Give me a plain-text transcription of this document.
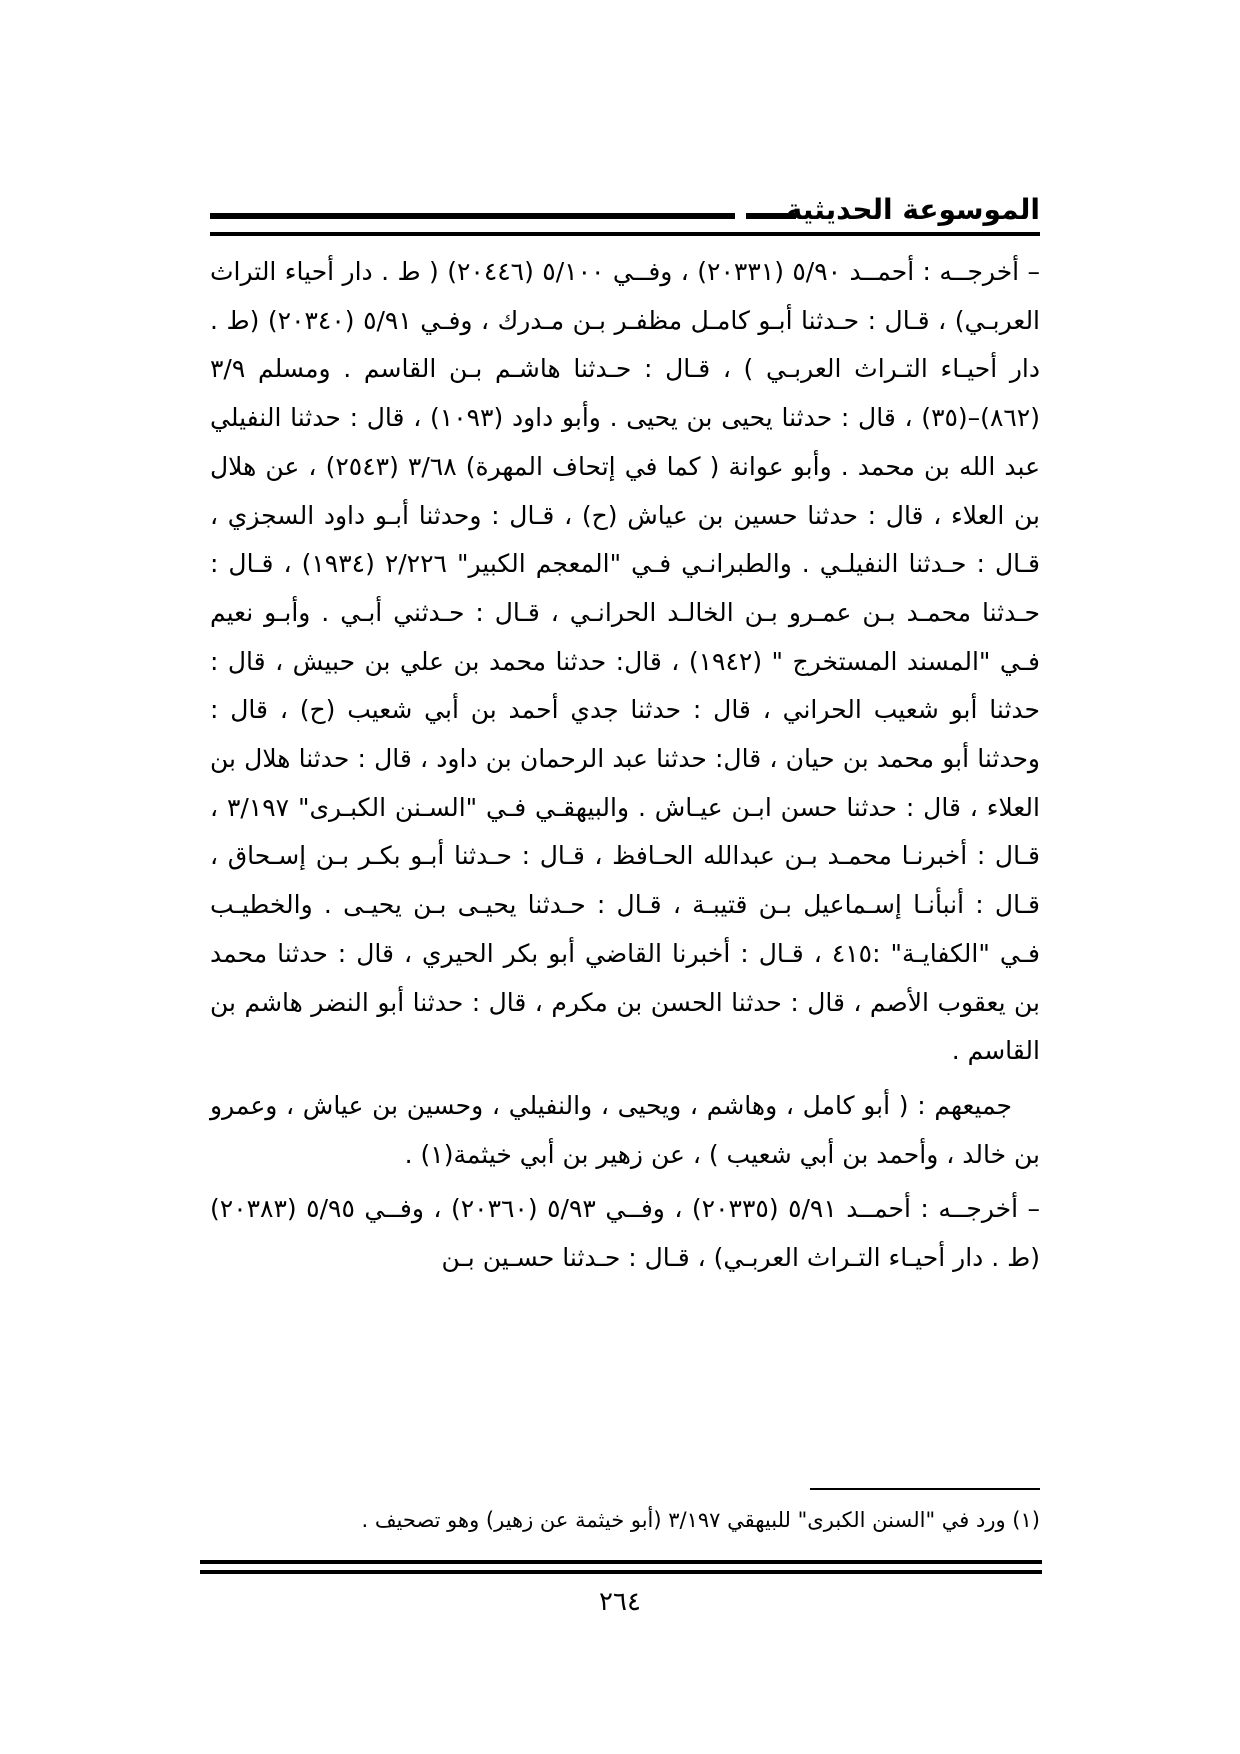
الموسوعة الحديثية

– أخرجــه : أحمــد ٥/٩٠ (٢٠٣٣١) ، وفــي ٥/١٠٠ (٢٠٤٤٦) ( ط . دار أحياء التراث العربـي) ، قـال : حـدثنا أبـو كامـل مظفـر بـن مـدرك ، وفـي ٥/٩١ (٢٠٣٤٠) (ط . دار أحيـاء التـراث العربـي ) ، قـال : حـدثنا هاشـم بـن القاسم . ومسلم ٣/٩ (٨٦٢)–(٣٥) ، قال : حدثنا يحيى بن يحيى . وأبو داود (١٠٩٣) ، قال : حدثنا النفيلي عبد الله بن محمد . وأبو عوانة ( كما في إتحاف المهرة) ٣/٦٨ (٢٥٤٣) ، عن هلال بن العلاء ، قال : حدثنا حسين بن عياش (ح) ، قـال : وحدثنا أبـو داود السجزي ، قـال : حـدثنا النفيلـي . والطبرانـي فـي "المعجم الكبير" ٢/٢٢٦ (١٩٣٤) ، قـال : حـدثنا محمـد بـن عمـرو بـن الخالـد الحرانـي ، قـال : حـدثني أبـي . وأبـو نعيم فـي "المسند المستخرج " (١٩٤٢) ، قال: حدثنا محمد بن علي بن حبيش ، قال : حدثنا أبو شعيب الحراني ، قال : حدثنا جدي أحمد بن أبي شعيب (ح) ، قال : وحدثنا أبو محمد بن حيان ، قال: حدثنا عبد الرحمان بن داود ، قال : حدثنا هلال بن العلاء ، قال : حدثنا حسن ابـن عيـاش . والبيهقـي فـي "السـنن الكبـرى" ٣/١٩٧ ، قـال : أخبرنـا محمـد بـن عبدالله الحـافظ ، قـال : حـدثنا أبـو بكـر بـن إسـحاق ، قـال : أنبأنـا إسـماعيل بـن قتيبـة ، قـال : حـدثنا يحيـى بـن يحيـى . والخطيـب فـي "الكفايـة" :٤١٥ ، قـال : أخبرنا القاضي أبو بكر الحيري ، قال : حدثنا محمد بن يعقوب الأصم ، قال : حدثنا الحسن بن مكرم ، قال : حدثنا أبو النضر هاشم بن القاسم .

جميعهم : ( أبو كامل ، وهاشم ، ويحيى ، والنفيلي ، وحسين بن عياش ، وعمرو بن خالد ، وأحمد بن أبي شعيب ) ، عن زهير بن أبي خيثمة(١) .

– أخرجــه : أحمــد ٥/٩١ (٢٠٣٣٥) ، وفــي ٥/٩٣ (٢٠٣٦٠) ، وفــي ٥/٩٥ (٢٠٣٨٣) (ط . دار أحيـاء التـراث العربـي) ، قـال : حـدثنا حسـين بـن

(١) ورد في "السنن الكبرى" للبيهقي ٣/١٩٧ (أبو خيثمة عن زهير) وهو تصحيف .
٢٦٤
